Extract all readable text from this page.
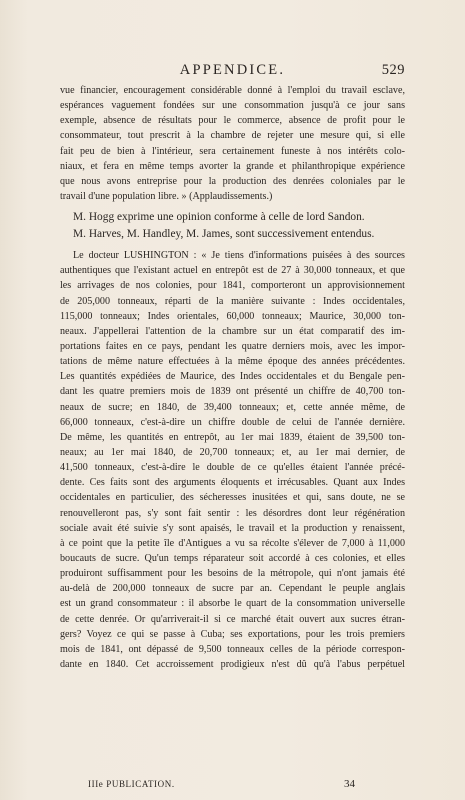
APPENDICE.	529
vue financier, encouragement considérable donné à l'emploi du travail esclave,
espérances vaguement fondées sur une consommation jusqu'à ce jour sans
exemple, absence de résultats pour le commerce, absence de profit pour le
consommateur, tout prescrit à la chambre de rejeter une mesure qui, si elle
fait peu de bien à l'intérieur, sera certainement funeste à nos intérêts colo-
niaux, et fera en même temps avorter la grande et philanthropique expérience
que nous avons entreprise pour la production des denrées coloniales par le
travail d'une population libre. » (Applaudissements.)
M. Hogg exprime une opinion conforme à celle de lord Sandon.
M. Harves, M. Handley, M. James, sont successivement entendus.
Le docteur LUSHINGTON : « Je tiens d'informations puisées à des sources
authentiques que l'existant actuel en entrepôt est de 27 à 30,000 tonneaux, et que
les arrivages de nos colonies, pour 1841, comporteront un approvisionnement
de 205,000 tonneaux, réparti de la manière suivante : Indes occidentales,
115,000 tonneaux; Indes orientales, 60,000 tonneaux; Maurice, 30,000 ton-
neaux. J'appellerai l'attention de la chambre sur un état comparatif des im-
portations faites en ce pays, pendant les quatre derniers mois, avec les impor-
tations de même nature effectuées à la même époque des années précédentes.
Les quantités expédiées de Maurice, des Indes occidentales et du Bengale pen-
dant les quatre premiers mois de 1839 ont présenté un chiffre de 40,700 ton-
neaux de sucre; en 1840, de 39,400 tonneaux; et, cette année même, de
66,000 tonneaux, c'est-à-dire un chiffre double de celui de l'année dernière.
De même, les quantités en entrepôt, au 1er mai 1839, étaient de 39,500 ton-
neaux; au 1er mai 1840, de 20,700 tonneaux; et, au 1er mai dernier, de
41,500 tonneaux, c'est-à-dire le double de ce qu'elles étaient l'année précé-
dente. Ces faits sont des arguments éloquents et irrécusables. Quant aux Indes
occidentales en particulier, des sécheresses inusitées et qui, sans doute, ne se
renouvelleront pas, s'y sont fait sentir : les désordres dont leur régénération
sociale avait été suivie s'y sont apaisés, le travail et la production y renaissent,
à ce point que la petite île d'Antigues a vu sa récolte s'élever de 7,000 à 11,000
boucauts de sucre. Qu'un temps réparateur soit accordé à ces colonies, et elles
produiront suffisamment pour les besoins de la métropole, qui n'ont jamais été
au-delà de 200,000 tonneaux de sucre par an. Cependant le peuple anglais
est un grand consommateur : il absorbe le quart de la consommation universelle
de cette denrée. Or qu'arriverait-il si ce marché était ouvert aux sucres étran-
gers? Voyez ce qui se passe à Cuba; ses exportations, pour les trois premiers
mois de 1841, ont dépassé de 9,500 tonneaux celles de la période correspon-
dante en 1840. Cet accroissement prodigieux n'est dû qu'à l'abus perpétuel
IIIe PUBLICATION.	34
